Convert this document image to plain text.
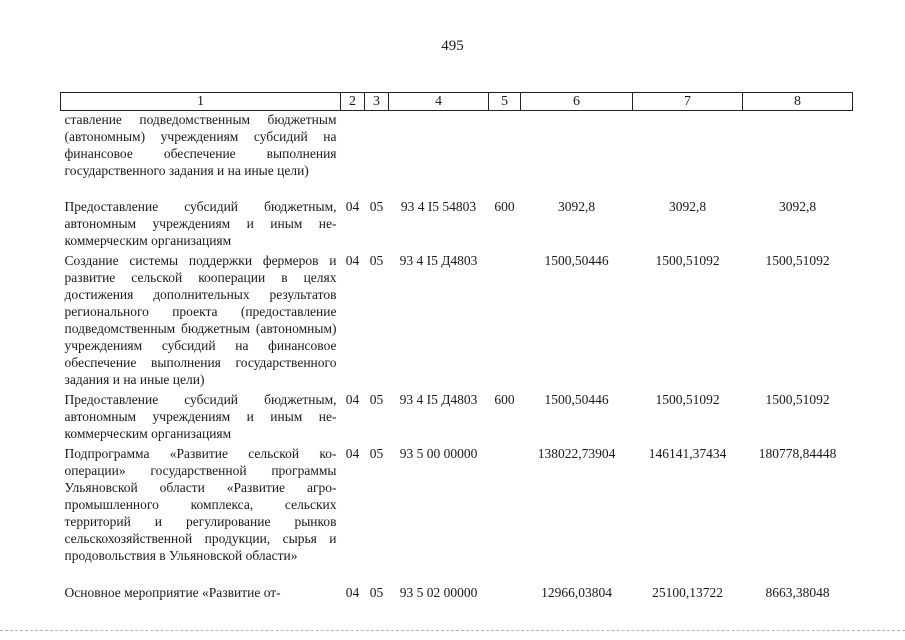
495
1	2	3	4	5	6	7	8
ставление подведомственным бюджетным (автономным) учреждениям субсидий на финансовое обеспечение выполнения государственного задания и на иные цели)							
Предоставление субсидий бюджетным, автономным учреждениям и иным некоммерческим организациям	04	05	93 4 I5 54803	600	3092,8	3092,8	3092,8
Создание системы поддержки фермеров и развитие сельской кооперации в целях достижения дополнительных результатов регионального проекта (предоставление подведомственным бюджетным (автономным) учреждениям субсидий на финансовое обеспечение выполнения государственного задания и на иные цели)	04	05	93 4 I5 Д4803		1500,50446	1500,51092	1500,51092
Предоставление субсидий бюджетным, автономным учреждениям и иным некоммерческим организациям	04	05	93 4 I5 Д4803	600	1500,50446	1500,51092	1500,51092
Подпрограмма «Развитие сельской кооперации» государственной программы Ульяновской области «Развитие агропромышленного комплекса, сельских территорий и регулирование рынков сельскохозяйственной продукции, сырья и продовольствия в Ульяновской области»	04	05	93 5 00 00000		138022,73904	146141,37434	180778,84448
Основное мероприятие «Развитие от-	04	05	93 5 02 00000		12966,03804	25100,13722	8663,38048
